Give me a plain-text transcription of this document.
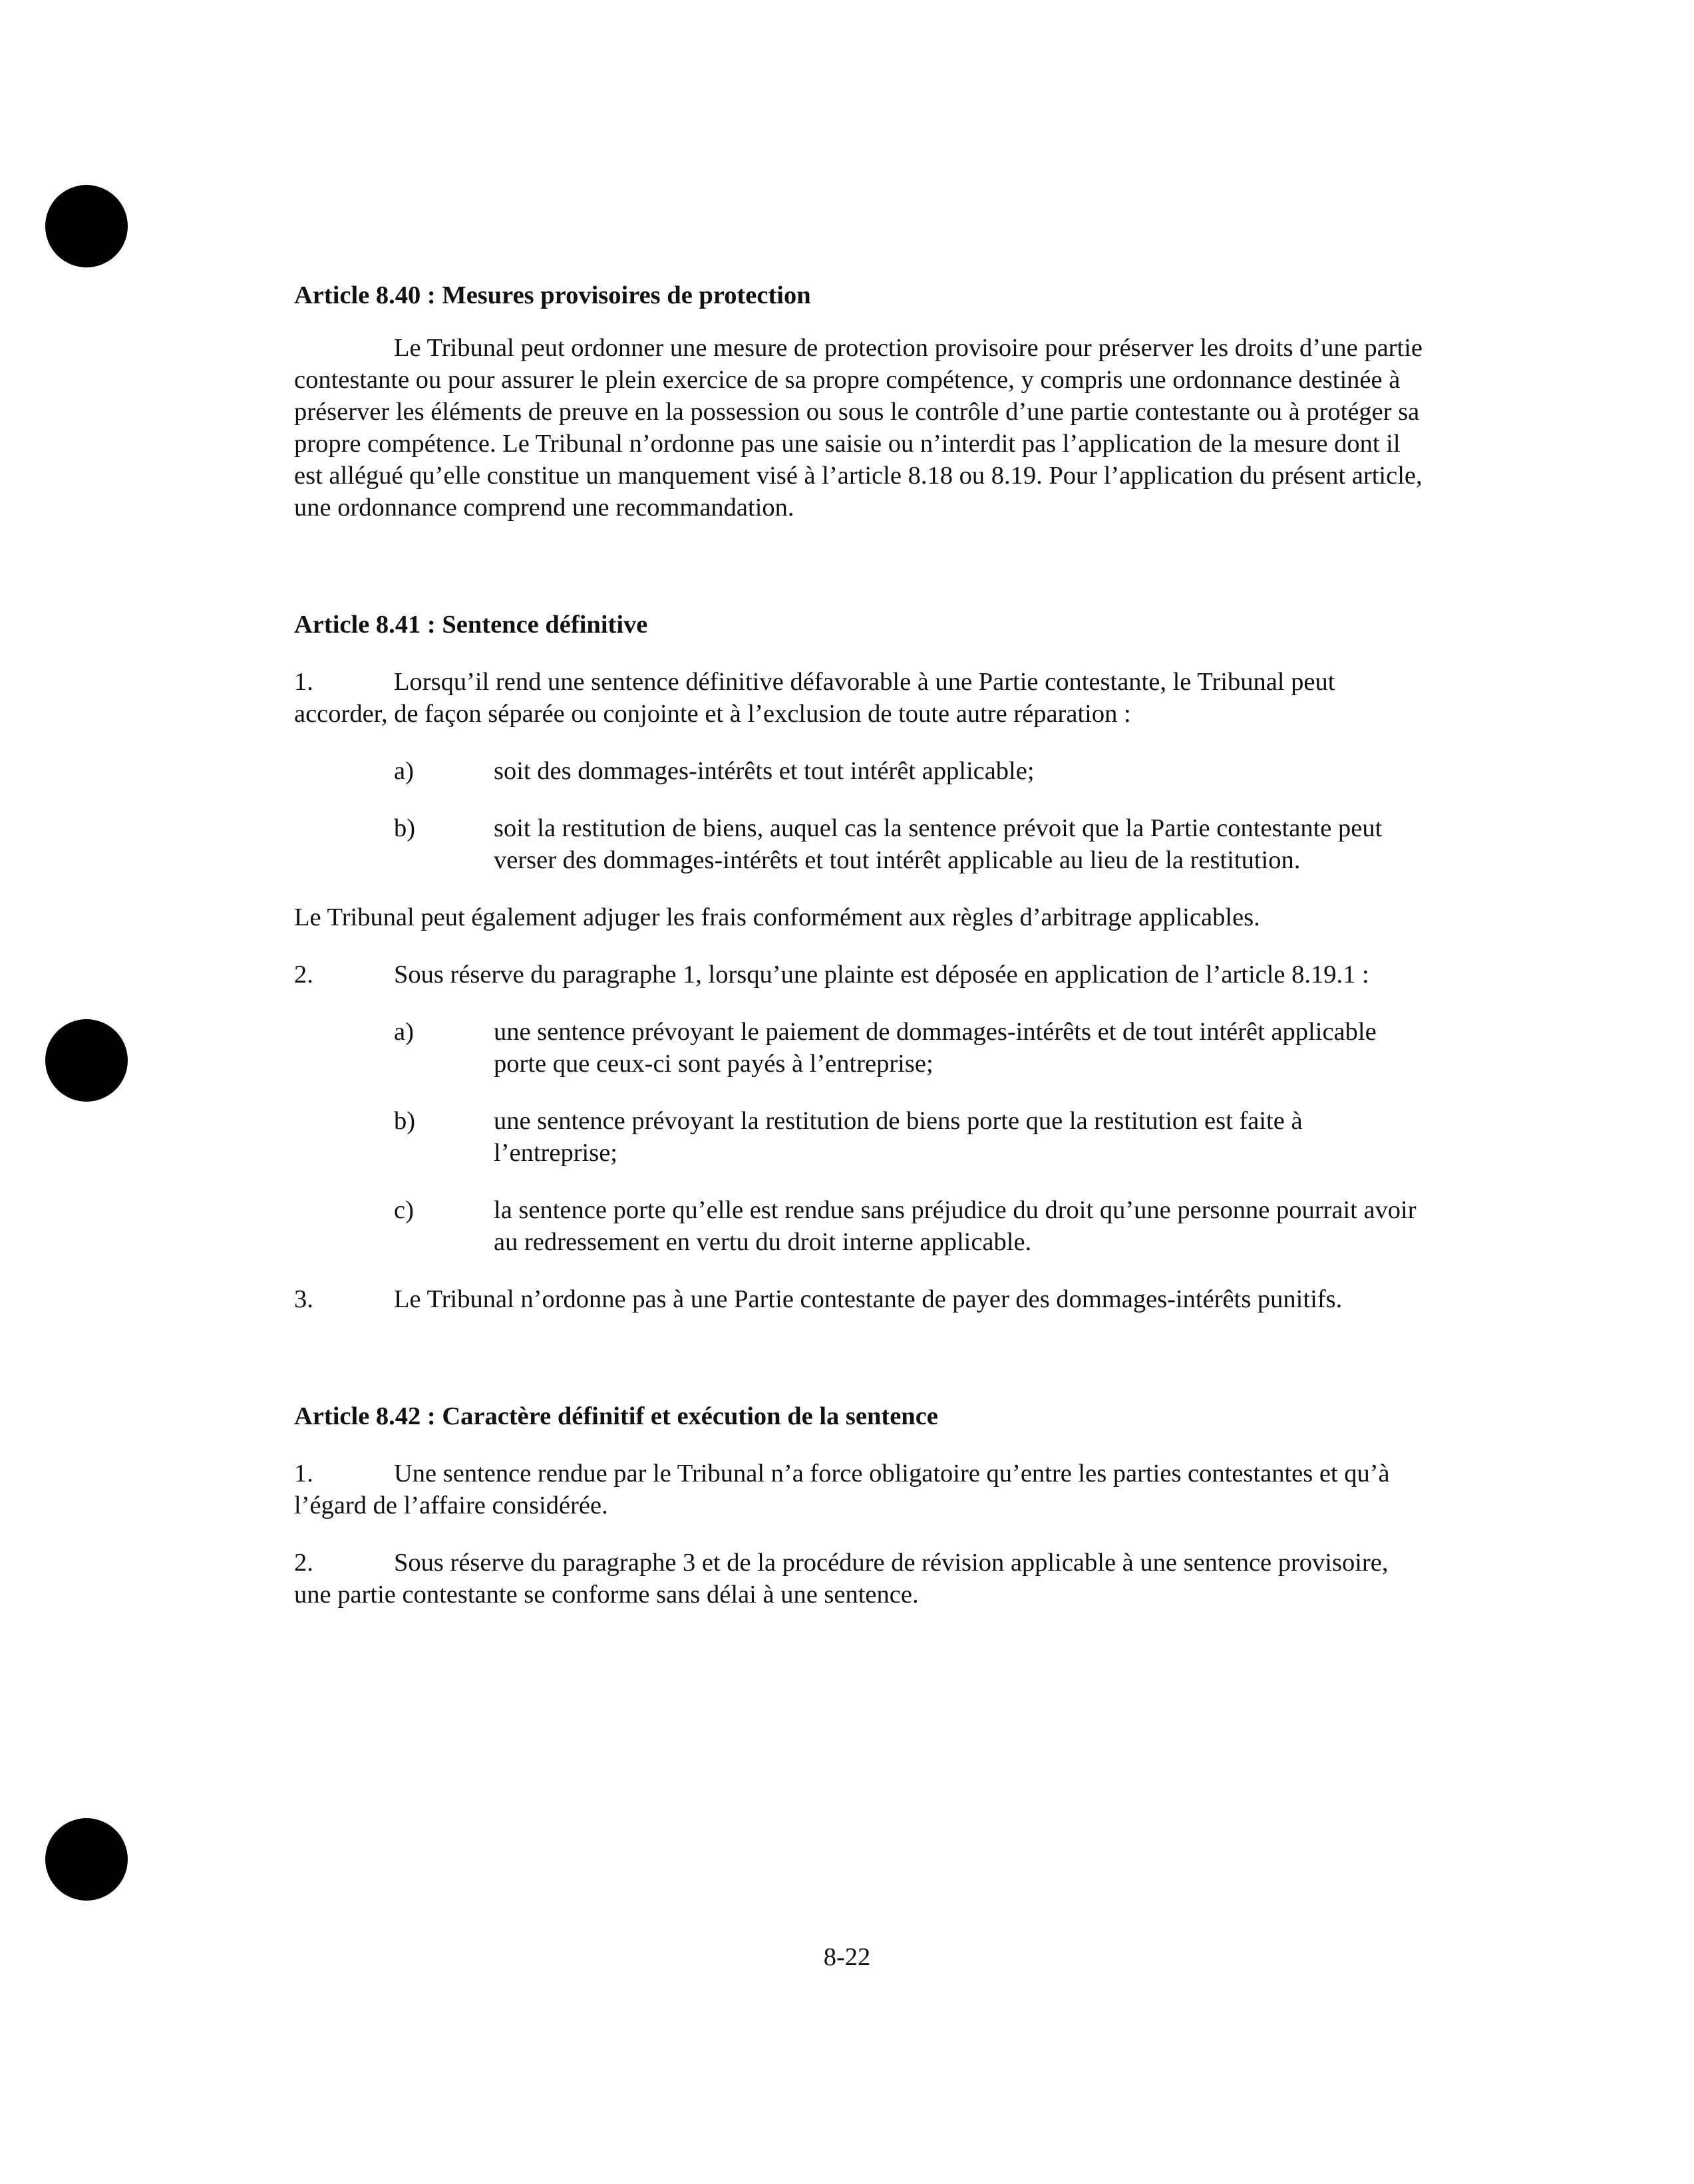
Article 8.40 : Mesures provisoires de protection

Le Tribunal peut ordonner une mesure de protection provisoire pour préserver les droits d’une partie contestante ou pour assurer le plein exercice de sa propre compétence, y compris une ordonnance destinée à préserver les éléments de preuve en la possession ou sous le contrôle d’une partie contestante ou à protéger sa propre compétence. Le Tribunal n’ordonne pas une saisie ou n’interdit pas l’application de la mesure dont il est allégué qu’elle constitue un manquement visé à l’article 8.18 ou 8.19. Pour l’application du présent article, une ordonnance comprend une recommandation.

Article 8.41 : Sentence définitive

1.	Lorsqu’il rend une sentence définitive défavorable à une Partie contestante, le Tribunal peut accorder, de façon séparée ou conjointe et à l’exclusion de toute autre réparation :

a)	soit des dommages-intérêts et tout intérêt applicable;
b)	soit la restitution de biens, auquel cas la sentence prévoit que la Partie contestante peut verser des dommages-intérêts et tout intérêt applicable au lieu de la restitution.

Le Tribunal peut également adjuger les frais conformément aux règles d’arbitrage applicables.

2.	Sous réserve du paragraphe 1, lorsqu’une plainte est déposée en application de l’article 8.19.1 :

a)	une sentence prévoyant le paiement de dommages-intérêts et de tout intérêt applicable porte que ceux-ci sont payés à l’entreprise;
b)	une sentence prévoyant la restitution de biens porte que la restitution est faite à l’entreprise;
c)	la sentence porte qu’elle est rendue sans préjudice du droit qu’une personne pourrait avoir au redressement en vertu du droit interne applicable.

3.	Le Tribunal n’ordonne pas à une Partie contestante de payer des dommages-intérêts punitifs.

Article 8.42 : Caractère définitif et exécution de la sentence

1.	Une sentence rendue par le Tribunal n’a force obligatoire qu’entre les parties contestantes et qu’à l’égard de l’affaire considérée.

2.	Sous réserve du paragraphe 3 et de la procédure de révision applicable à une sentence provisoire, une partie contestante se conforme sans délai à une sentence.

8-22
